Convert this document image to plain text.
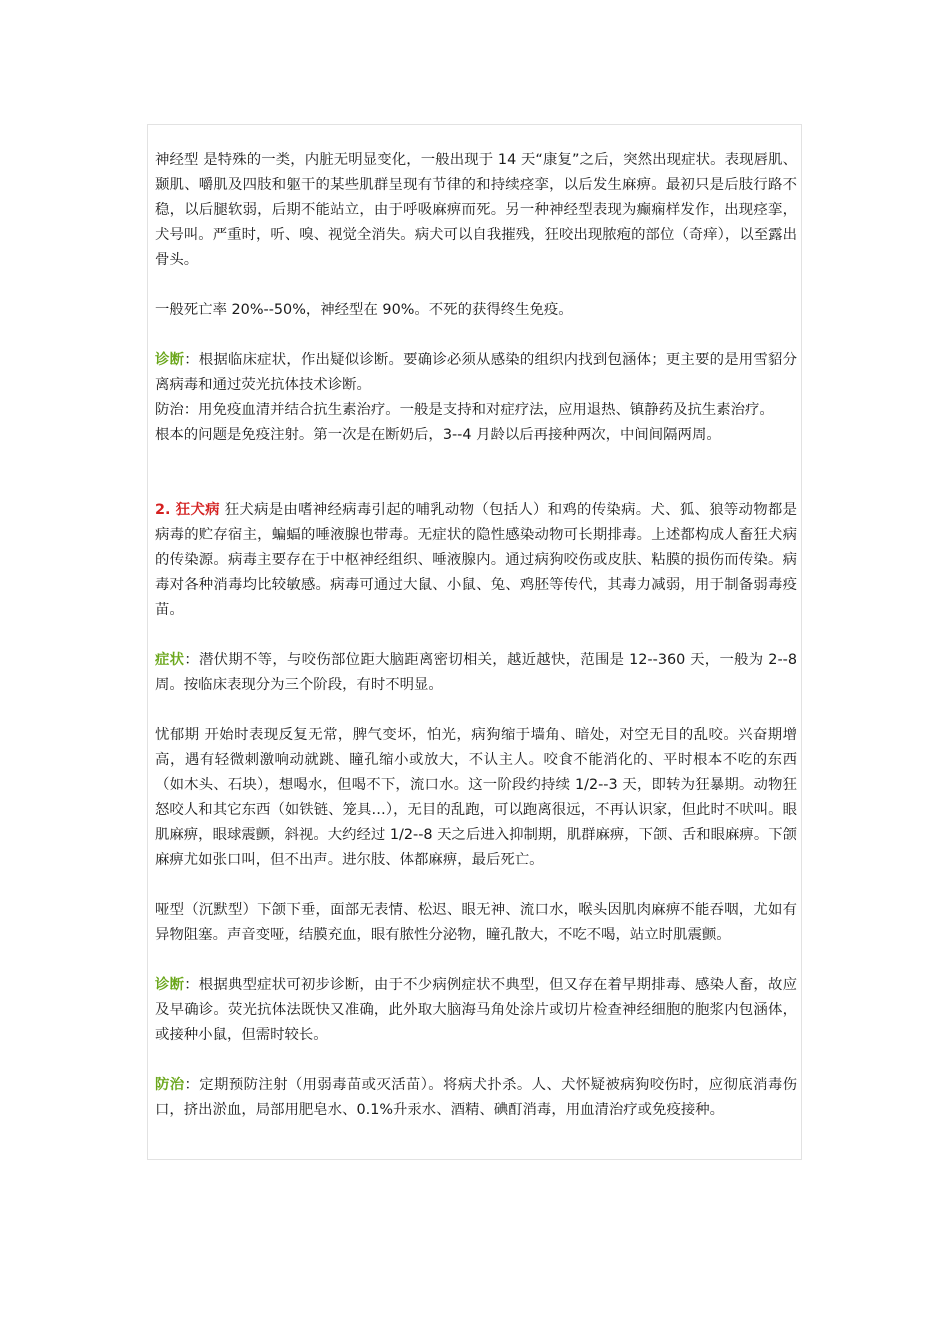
神经型 是特殊的一类，内脏无明显变化，一般出现于 14 天“康复”之后，突然出现症状。表现唇肌、颞肌、嚼肌及四肢和躯干的某些肌群呈现有节律的和持续痉挛，以后发生麻痹。最初只是后肢行路不稳，以后腿软弱，后期不能站立，由于呼吸麻痹而死。另一种神经型表现为癫痫样发作，出现痉挛，犬号叫。严重时，听、嗅、视觉全消失。病犬可以自我摧残，狂咬出现脓疱的部位（奇痒），以至露出骨头。

一般死亡率 20%--50%，神经型在 90%。不死的获得终生免疫。

诊断：根据临床症状，作出疑似诊断。要确诊必须从感染的组织内找到包涵体；更主要的是用雪貂分离病毒和通过荧光抗体技术诊断。

防治：用免疫血清并结合抗生素治疗。一般是支持和对症疗法，应用退热、镇静药及抗生素治疗。

根本的问题是免疫注射。第一次是在断奶后，3--4 月龄以后再接种两次，中间间隔两周。

2. 狂犬病 狂犬病是由嗜神经病毒引起的哺乳动物（包括人）和鸡的传染病。犬、狐、狼等动物都是病毒的贮存宿主，蝙蝠的唾液腺也带毒。无症状的隐性感染动物可长期排毒。上述都构成人畜狂犬病的传染源。病毒主要存在于中枢神经组织、唾液腺内。通过病狗咬伤或皮肤、粘膜的损伤而传染。病毒对各种消毒均比较敏感。病毒可通过大鼠、小鼠、兔、鸡胚等传代，其毒力减弱，用于制备弱毒疫苗。

症状：潜伏期不等，与咬伤部位距大脑距离密切相关，越近越快，范围是 12--360 天，一般为 2--8 周。按临床表现分为三个阶段，有时不明显。

忧郁期 开始时表现反复无常，脾气变坏，怕光，病狗缩于墙角、暗处，对空无目的乱咬。兴奋期增高，遇有轻微刺激响动就跳、瞳孔缩小或放大，不认主人。咬食不能消化的、平时根本不吃的东西（如木头、石块），想喝水，但喝不下，流口水。这一阶段约持续 1/2--3 天，即转为狂暴期。动物狂怒咬人和其它东西（如铁链、笼具…），无目的乱跑，可以跑离很远，不再认识家，但此时不吠叫。眼肌麻痹，眼球震颤，斜视。大约经过 1/2--8 天之后进入抑制期，肌群麻痹，下颌、舌和眼麻痹。下颌麻痹尤如张口叫，但不出声。进尔肢、体都麻痹，最后死亡。

哑型（沉默型）下颌下垂，面部无表情、松迟、眼无神、流口水，喉头因肌肉麻痹不能吞咽，尤如有异物阻塞。声音变哑，结膜充血，眼有脓性分泌物，瞳孔散大，不吃不喝，站立时肌震颤。

诊断：根据典型症状可初步诊断，由于不少病例症状不典型，但又存在着早期排毒、感染人畜，故应及早确诊。荧光抗体法既快又准确，此外取大脑海马角处涂片或切片检查神经细胞的胞浆内包涵体，或接种小鼠，但需时较长。

防治：定期预防注射（用弱毒苗或灭活苗）。将病犬扑杀。人、犬怀疑被病狗咬伤时，应彻底消毒伤口，挤出淤血，局部用肥皂水、0.1%升汞水、酒精、碘酊消毒，用血清治疗或免疫接种。
